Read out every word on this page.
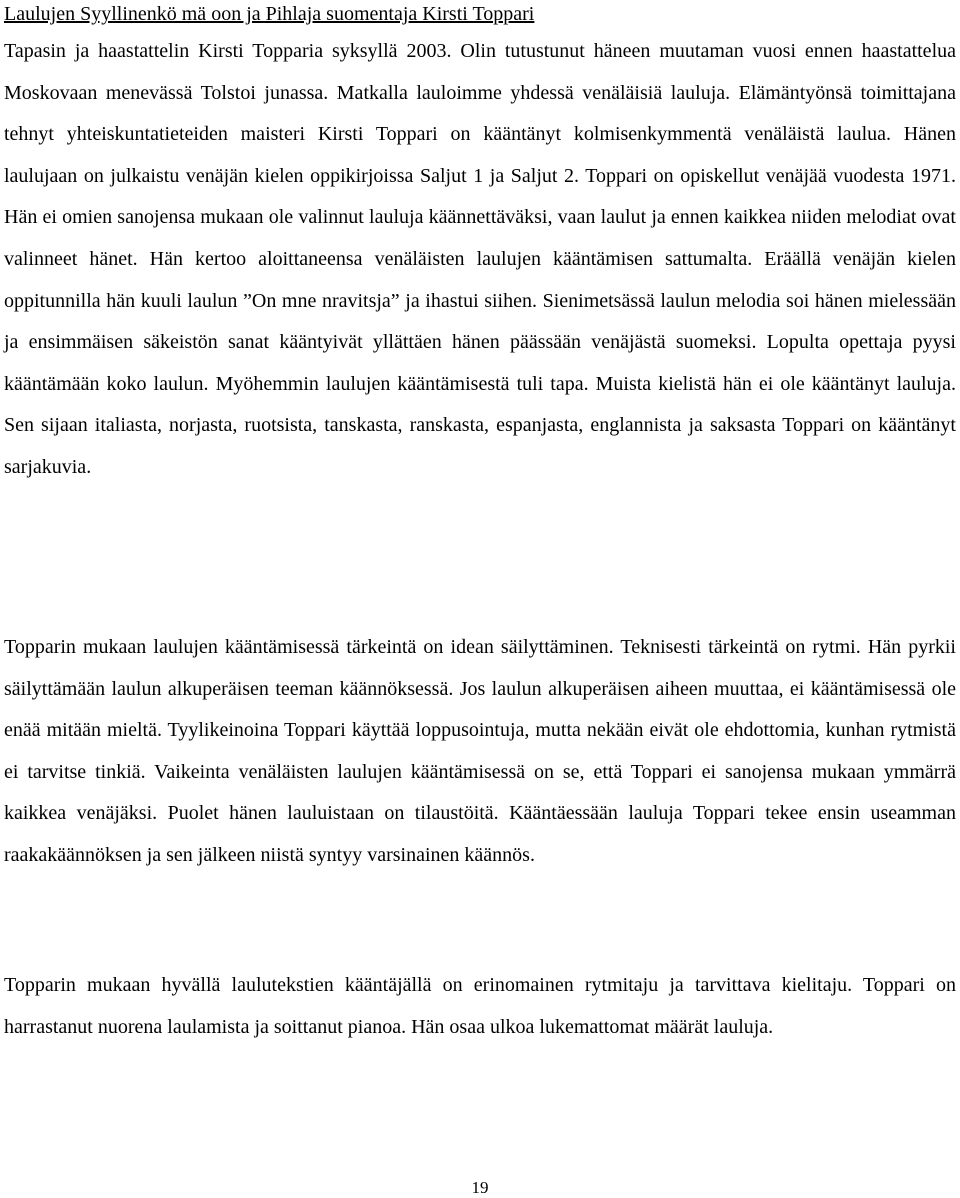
Laulujen Syyllinenkö mä oon ja Pihlaja suomentaja Kirsti Toppari

Tapasin ja haastattelin Kirsti Topparia syksyllä 2003. Olin tutustunut häneen muutaman vuosi ennen haastattelua Moskovaan menevässä Tolstoi junassa. Matkalla lauloimme yhdessä venäläisiä lauluja. Elämäntyönsä toimittajana tehnyt yhteiskuntatieteiden maisteri Kirsti Toppari on kääntänyt kolmisenkymmentä venäläistä laulua. Hänen laulujaan on julkaistu venäjän kielen oppikirjoissa Saljut 1 ja Saljut 2. Toppari on opiskellut venäjää vuodesta 1971. Hän ei omien sanojensa mukaan ole valinnut lauluja käännettäväksi, vaan laulut ja ennen kaikkea niiden melodiat ovat valinneet hänet. Hän kertoo aloittaneensa venäläisten laulujen kääntämisen sattumalta. Eräällä venäjän kielen oppitunnilla hän kuuli laulun ”On mne nravitsja” ja ihastui siihen. Sienimetsässä laulun melodia soi hänen mielessään ja ensimmäisen säkeistön sanat kääntyivät yllättäen hänen päässään venäjästä suomeksi. Lopulta opettaja pyysi kääntämään koko laulun. Myöhemmin laulujen kääntämisestä tuli tapa. Muista kielistä hän ei ole kääntänyt lauluja. Sen sijaan italiasta, norjasta, ruotsista, tanskasta, ranskasta, espanjasta, englannista ja saksasta Toppari on kääntänyt sarjakuvia.

Topparin mukaan laulujen kääntämisessä tärkeintä on idean säilyttäminen. Teknisesti tärkeintä on rytmi. Hän pyrkii säilyttämään laulun alkuperäisen teeman käännöksessä. Jos laulun alkuperäisen aiheen muuttaa, ei kääntämisessä ole enää mitään mieltä. Tyylikeinoina Toppari käyttää loppusointuja, mutta nekään eivät ole ehdottomia, kunhan rytmistä ei tarvitse tinkiä. Vaikeinta venäläisten laulujen kääntämisessä on se, että Toppari ei sanojensa mukaan ymmärrä kaikkea venäjäksi. Puolet hänen lauluistaan on tilaustöitä. Kääntäessään lauluja Toppari tekee ensin useamman raakakäännöksen ja sen jälkeen niistä syntyy varsinainen käännös.

Topparin mukaan hyvällä laulutekstien kääntäjällä on erinomainen rytmitaju ja tarvittava kielitaju. Toppari on harrastanut nuorena laulamista ja soittanut pianoa. Hän osaa ulkoa lukemattomat määrät lauluja.

19
